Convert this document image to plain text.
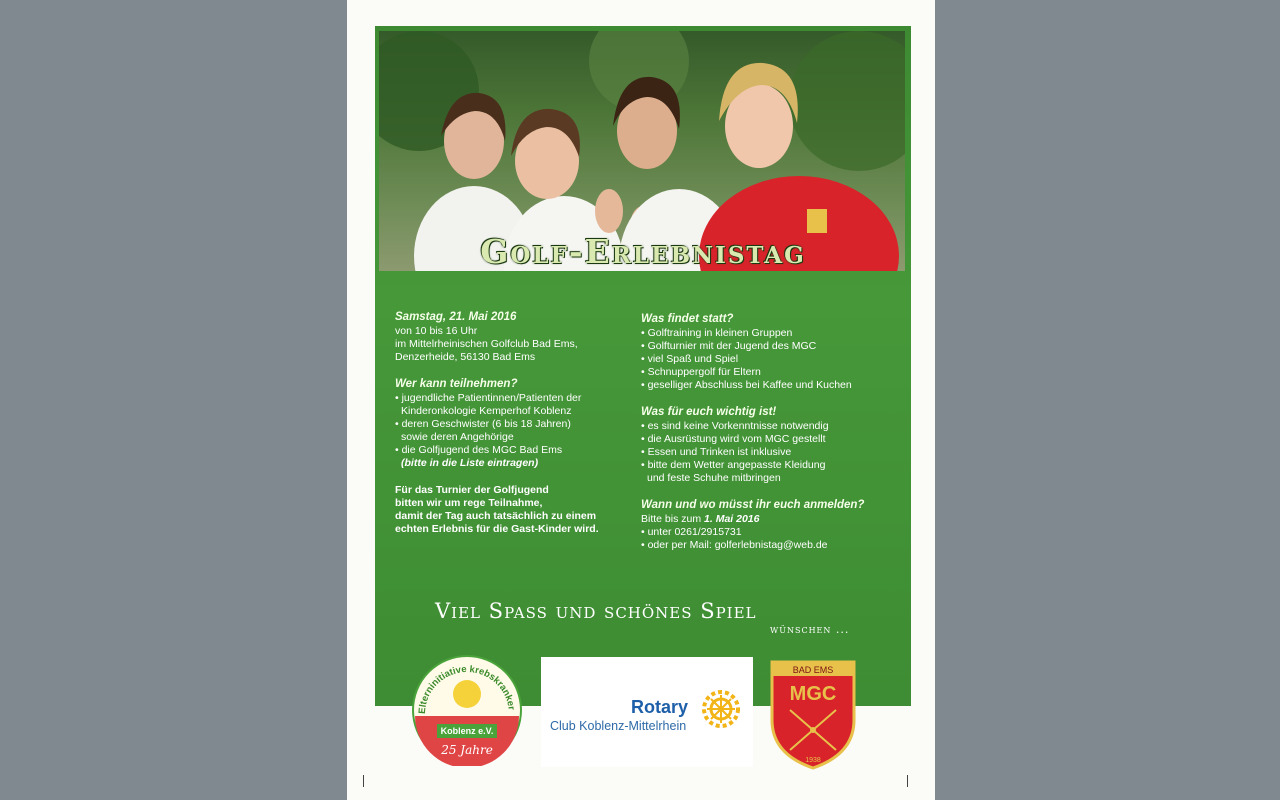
Golf-Erlebnistag
Samstag, 21. Mai 2016
von 10 bis 16 Uhr
im Mittelrheinischen Golfclub Bad Ems,
Denzerheide, 56130 Bad Ems
Wer kann teilnehmen?
• jugendliche Patientinnen/Patienten der
Kinderonkologie Kemperhof Koblenz
• deren Geschwister (6 bis 18 Jahren)
sowie deren Angehörige
• die Golfjugend des MGC Bad Ems
(bitte in die Liste eintragen)
Für das Turnier der Golfjugend
bitten wir um rege Teilnahme,
damit der Tag auch tatsächlich zu einem
echten Erlebnis für die Gast-Kinder wird.
Was findet statt?
• Golftraining in kleinen Gruppen
• Golfturnier mit der Jugend des MGC
• viel Spaß und Spiel
• Schnuppergolf für Eltern
• geselliger Abschluss bei Kaffee und Kuchen
Was für euch wichtig ist!
• es sind keine Vorkenntnisse notwendig
• die Ausrüstung wird vom MGC gestellt
• Essen und Trinken ist inklusive
• bitte dem Wetter angepasste Kleidung
und feste Schuhe mitbringen
Wann und wo müsst ihr euch anmelden?
Bitte bis zum 1. Mai 2016
• unter 0261/2915731
• oder per Mail: golferlebnistag@web.de
Viel Spass und schönes Spiel
wünschen ...
Elterninitiative krebskranker
Koblenz e.V.
25 Jahre
Rotary
Club Koblenz-Mittelrhein
BAD EMS
MGC
1938
